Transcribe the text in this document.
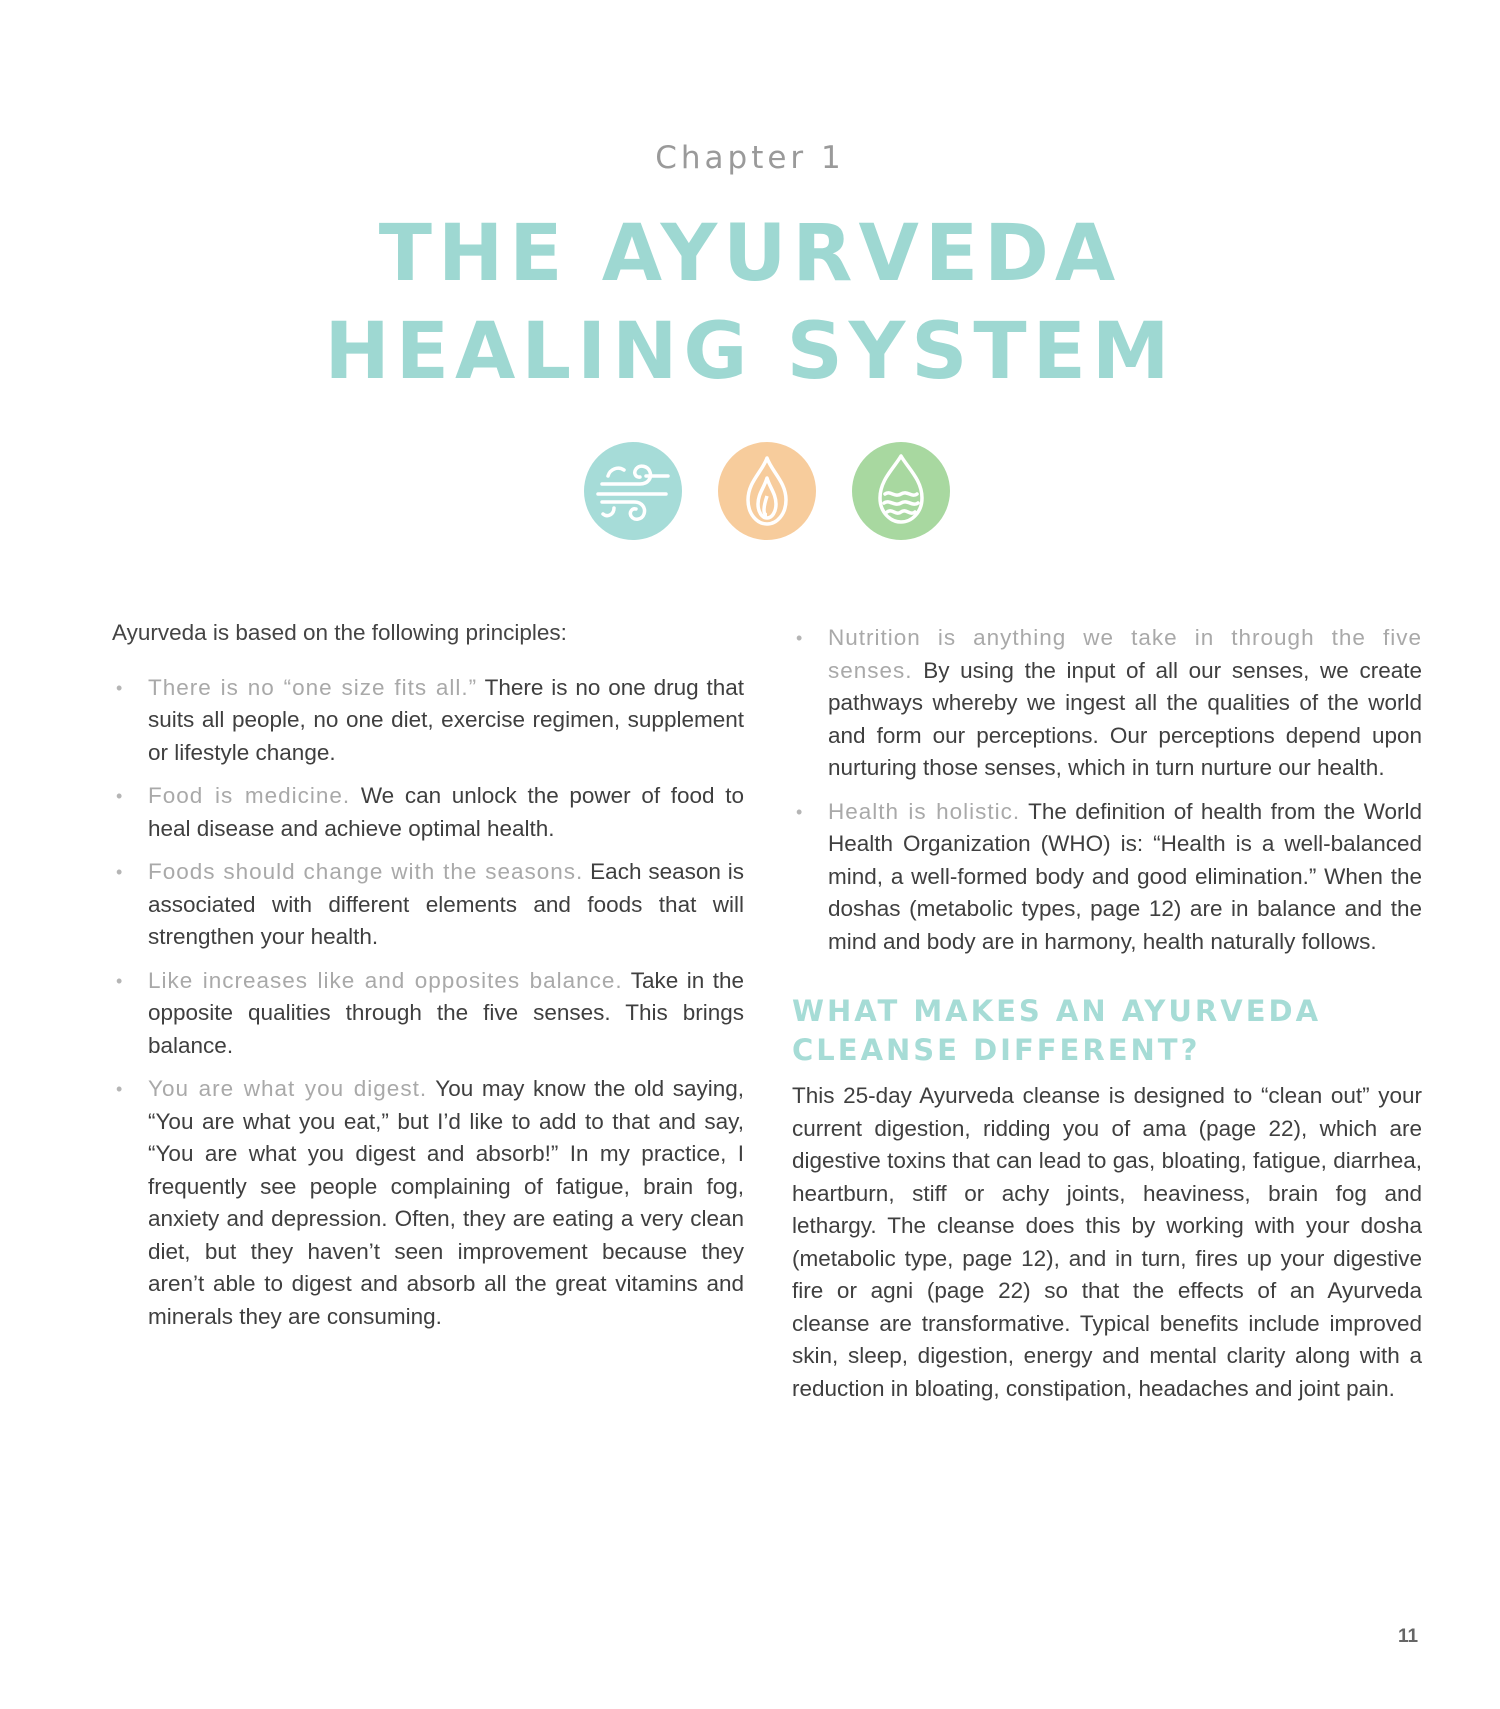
Chapter 1
THE AYURVEDA
HEALING SYSTEM

Ayurveda is based on the following principles:

• There is no “one size fits all.” There is no one drug that suits all people, no one diet, exercise regimen, supplement or lifestyle change.
• Food is medicine. We can unlock the power of food to heal disease and achieve optimal health.
• Foods should change with the seasons. Each season is associated with different elements and foods that will strengthen your health.
• Like increases like and opposites balance. Take in the opposite qualities through the five senses. This brings balance.
• You are what you digest. You may know the old saying, “You are what you eat,” but I’d like to add to that and say, “You are what you digest and absorb!” In my practice, I frequently see people complaining of fatigue, brain fog, anxiety and depression. Often, they are eating a very clean diet, but they haven’t seen improvement because they aren’t able to digest and absorb all the great vitamins and minerals they are consuming.
• Nutrition is anything we take in through the five senses. By using the input of all our senses, we create pathways whereby we ingest all the qualities of the world and form our perceptions. Our perceptions depend upon nurturing those senses, which in turn nurture our health.
• Health is holistic. The definition of health from the World Health Organization (WHO) is: “Health is a well-balanced mind, a well-formed body and good elimination.” When the doshas (metabolic types, page 12) are in balance and the mind and body are in harmony, health naturally follows.
WHAT MAKES AN AYURVEDA
CLEANSE DIFFERENT?

This 25-day Ayurveda cleanse is designed to “clean out” your current digestion, ridding you of ama (page 22), which are digestive toxins that can lead to gas, bloating, fatigue, diarrhea, heartburn, stiff or achy joints, heaviness, brain fog and lethargy. The cleanse does this by working with your dosha (metabolic type, page 12), and in turn, fires up your digestive fire or agni (page 22) so that the effects of an Ayurveda cleanse are transformative. Typical benefits include improved skin, sleep, digestion, energy and mental clarity along with a reduction in bloating, constipation, headaches and joint pain.

11
